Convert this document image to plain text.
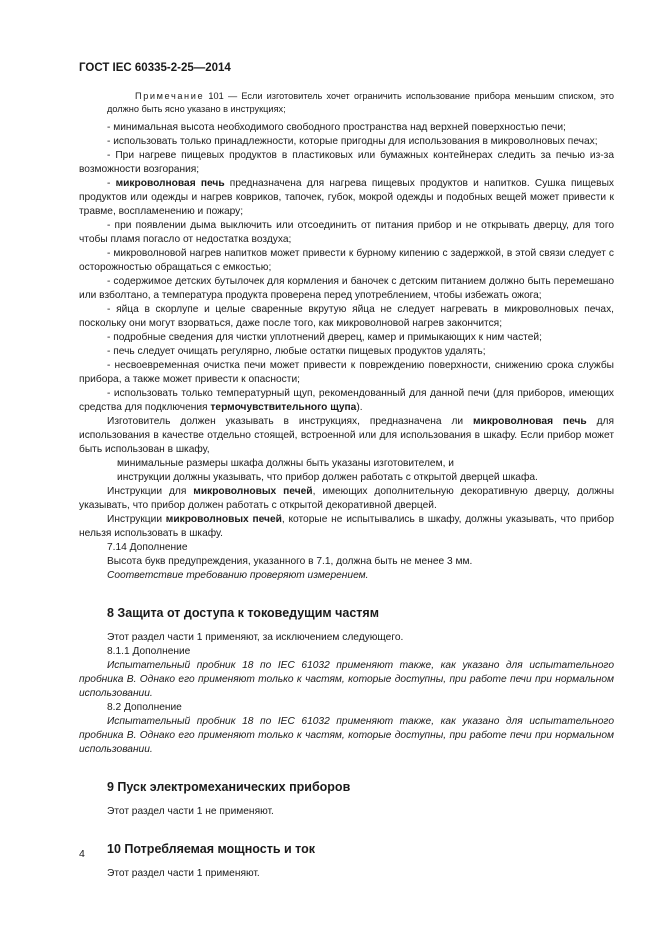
ГОСТ IEC 60335-2-25—2014

Примечание 101 — Если изготовитель хочет ограничить использование прибора меньшим списком, это должно быть ясно указано в инструкциях;

- минимальная высота необходимого свободного пространства над верхней поверхностью печи;

- использовать только принадлежности, которые пригодны для использования в микроволновых печах;

- При нагреве пищевых продуктов в пластиковых или бумажных контейнерах следить за печью из-за возможности возгорания;

- микроволновая печь предназначена для нагрева пищевых продуктов и напитков. Сушка пищевых продуктов или одежды и нагрев ковриков, тапочек, губок, мокрой одежды и подобных вещей может привести к травме, воспламенению и пожару;

- при появлении дыма выключить или отсоединить от питания прибор и не открывать дверцу, для того чтобы пламя погасло от недостатка воздуха;

- микроволновой нагрев напитков может привести к бурному кипению с задержкой, в этой связи следует с осторожностью обращаться с емкостью;

- содержимое детских бутылочек для кормления и баночек с детским питанием должно быть перемешано или взболтано, а температура продукта проверена перед употреблением, чтобы избежать ожога;

- яйца в скорлупе и целые сваренные вкрутую яйца не следует нагревать в микроволновых печах, поскольку они могут взорваться, даже после того, как микроволновой нагрев закончится;

- подробные сведения для чистки уплотнений дверец, камер и примыкающих к ним частей;

- печь следует очищать регулярно, любые остатки пищевых продуктов удалять;

- несвоевременная очистка печи может привести к повреждению поверхности, снижению срока службы прибора, а также может привести к опасности;

- использовать только температурный щуп, рекомендованный для данной печи (для приборов, имеющих средства для подключения термочувствительного щупа).

Изготовитель должен указывать в инструкциях, предназначена ли микроволновая печь для использования в качестве отдельно стоящей, встроенной или для использования в шкафу. Если прибор может быть использован в шкафу,

минимальные размеры шкафа должны быть указаны изготовителем, и

инструкции должны указывать, что прибор должен работать с открытой дверцей шкафа.

Инструкции для микроволновых печей, имеющих дополнительную декоративную дверцу, должны указывать, что прибор должен работать с открытой декоративной дверцей.

Инструкции микроволновых печей, которые не испытывались в шкафу, должны указывать, что прибор нельзя использовать в шкафу.

7.14 Дополнение

Высота букв предупреждения, указанного в 7.1, должна быть не менее 3 мм.

Соответствие требованию проверяют измерением.

8 Защита от доступа к токоведущим частям

Этот раздел части 1 применяют, за исключением следующего.

8.1.1 Дополнение

Испытательный пробник 18 по IEC 61032 применяют также, как указано для испытательного пробника В. Однако его применяют только к частям, которые доступны, при работе печи при нормальном использовании.

8.2 Дополнение

Испытательный пробник 18 по IEC 61032 применяют также, как указано для испытательного пробника В. Однако его применяют только к частям, которые доступны, при работе печи при нормальном использовании.

9 Пуск электромеханических приборов

Этот раздел части 1 не применяют.

10 Потребляемая мощность и ток

Этот раздел части 1 применяют.

4
